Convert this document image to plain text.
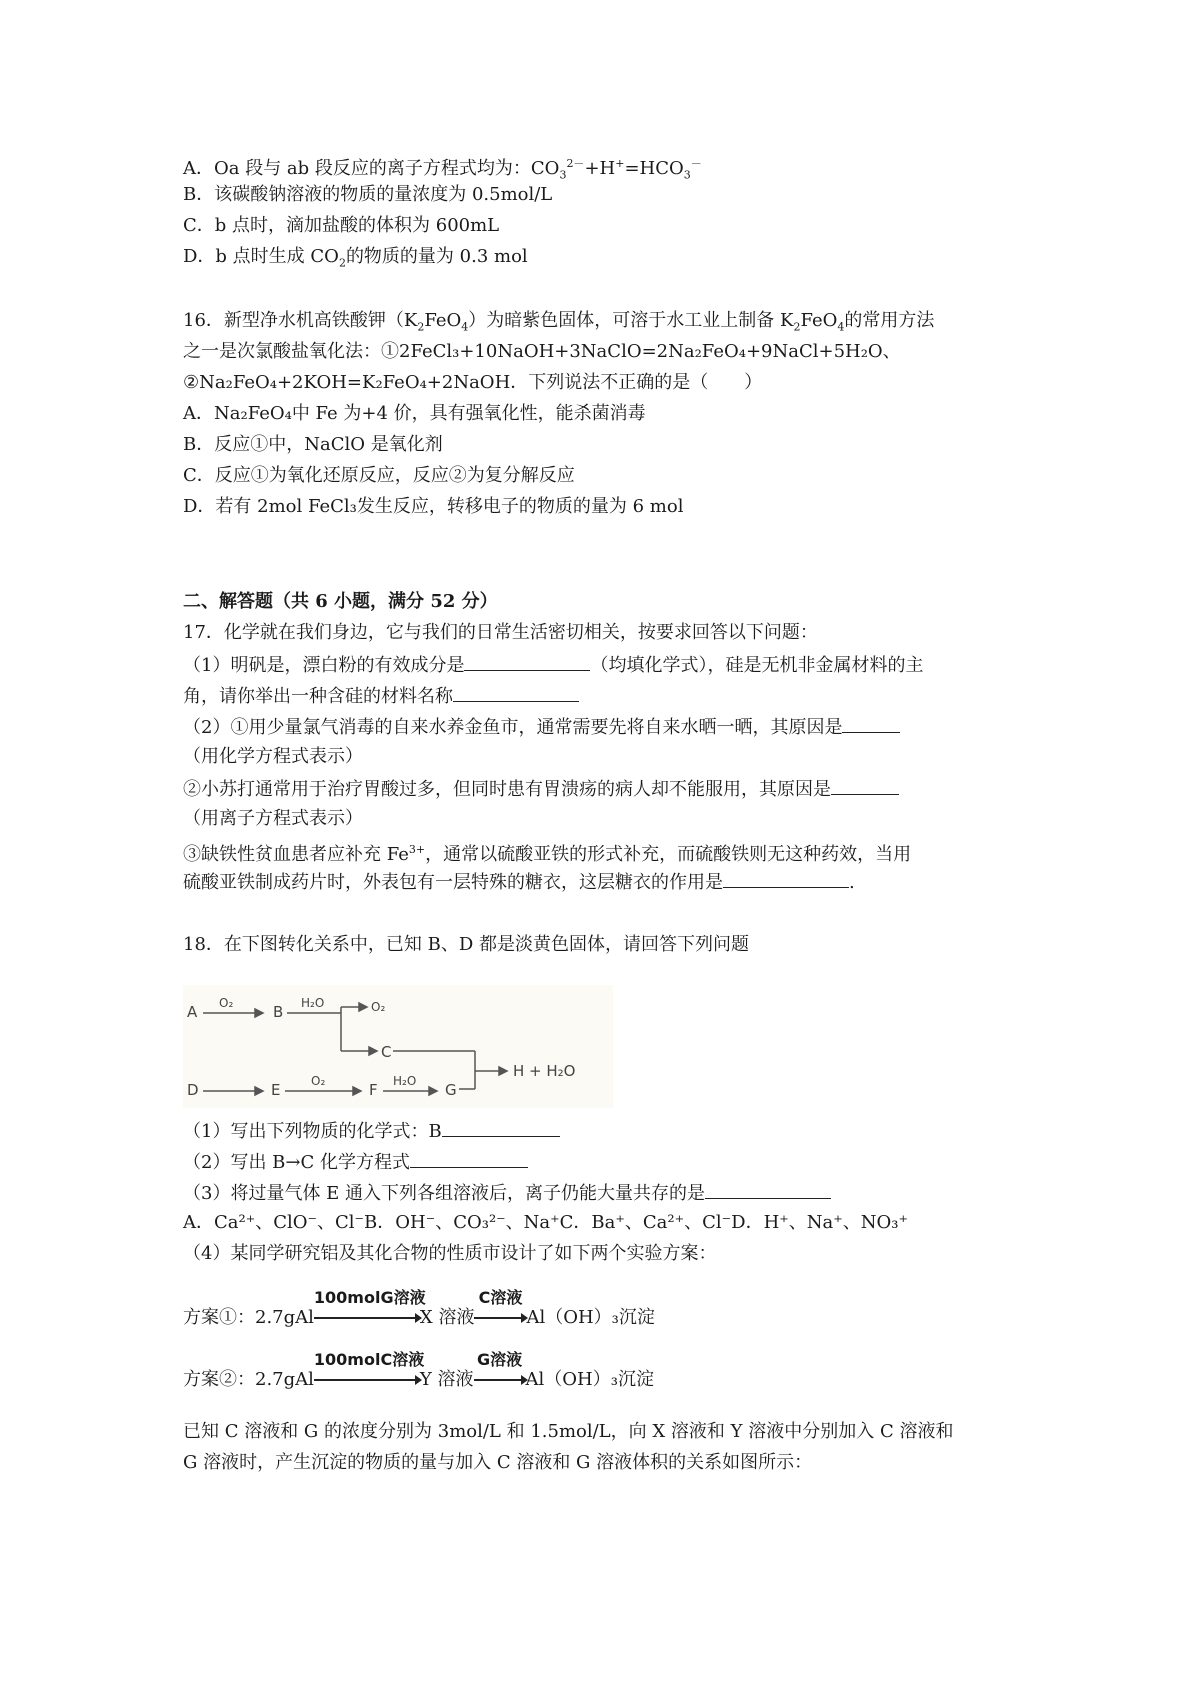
A．Oa 段与 ab 段反应的离子方程式均为：$CO_3^{2-}+H^+=HCO_3^-$
B．该碳酸钠溶液的物质的量浓度为 0.5mol/L
C．b 点时，滴加盐酸的体积为 600mL
D．b 点时生成 $CO_2$的物质的量为 0.3 mol
16．新型净水机高铁酸钾$(K_2FeO_4)$为暗紫色固体，可溶于水工业上制备 $K_2FeO_4$的常用方法
之一是次氯酸盐氧化法：①2FeCl₃+10NaOH+3NaClO=2Na₂FeO₄+9NaCl+5H₂O、
②Na₂FeO₄+2KOH=K₂FeO₄+2NaOH．下列说法不正确的是（　　）
A．Na₂FeO₄中 Fe 为+4 价，具有强氧化性，能杀菌消毒
B．反应①中，NaClO 是氧化剂
C．反应①为氧化还原反应，反应②为复分解反应
D．若有 2mol FeCl₃发生反应，转移电子的物质的量为 6 mol
二、解答题（共 6 小题，满分 52 分）
17．化学就在我们身边，它与我们的日常生活密切相关，按要求回答以下问题：
（1）明矾是，漂白粉的有效成分是	（均填化学式），硅是无机非金属材料的主
角，请你举出一种含硅的材料名称
（2）①用少量氯气消毒的自来水养金鱼市，通常需要先将自来水晒一晒，其原因是
（用化学方程式表示）
②小苏打通常用于治疗胃酸过多，但同时患有胃溃疡的病人却不能服用，其原因是
（用离子方程式表示）
③缺铁性贫血患者应补充 $Fe^{3+}$，通常以硫酸亚铁的形式补充，而硫酸铁则无这种药效，当用
硫酸亚铁制成药片时，外表包有一层特殊的糖衣，这层糖衣的作用是	.
18．在下图转化关系中，已知 B、D 都是淡黄色固体，请回答下列问题
A	B
C
D	E	F	G
O₂	H₂O	O₂
O₂	H₂O
H + H₂O
（1）写出下列物质的化学式：B
（2）写出 B→C 化学方程式
（3）将过量气体 E 通入下列各组溶液后，离子仍能大量共存的是
A．Ca²⁺、ClO⁻、Cl⁻B．OH⁻、CO₃²⁻、Na⁺C．Ba⁺、Ca²⁺、Cl⁻D．H⁺、Na⁺、NO₃⁺
（4）某同学研究铝及其化合物的性质市设计了如下两个实验方案：
方案①：2.7gAl
100molG溶液
X 溶液
C溶液
Al（OH）₃沉淀
方案②：2.7gAl
100molC溶液
Y 溶液
G溶液
Al（OH）₃沉淀
已知 C 溶液和 G 的浓度分别为 3mol/L 和 1.5mol/L，向 X 溶液和 Y 溶液中分别加入 C 溶液和
G 溶液时，产生沉淀的物质的量与加入 C 溶液和 G 溶液体积的关系如图所示：
